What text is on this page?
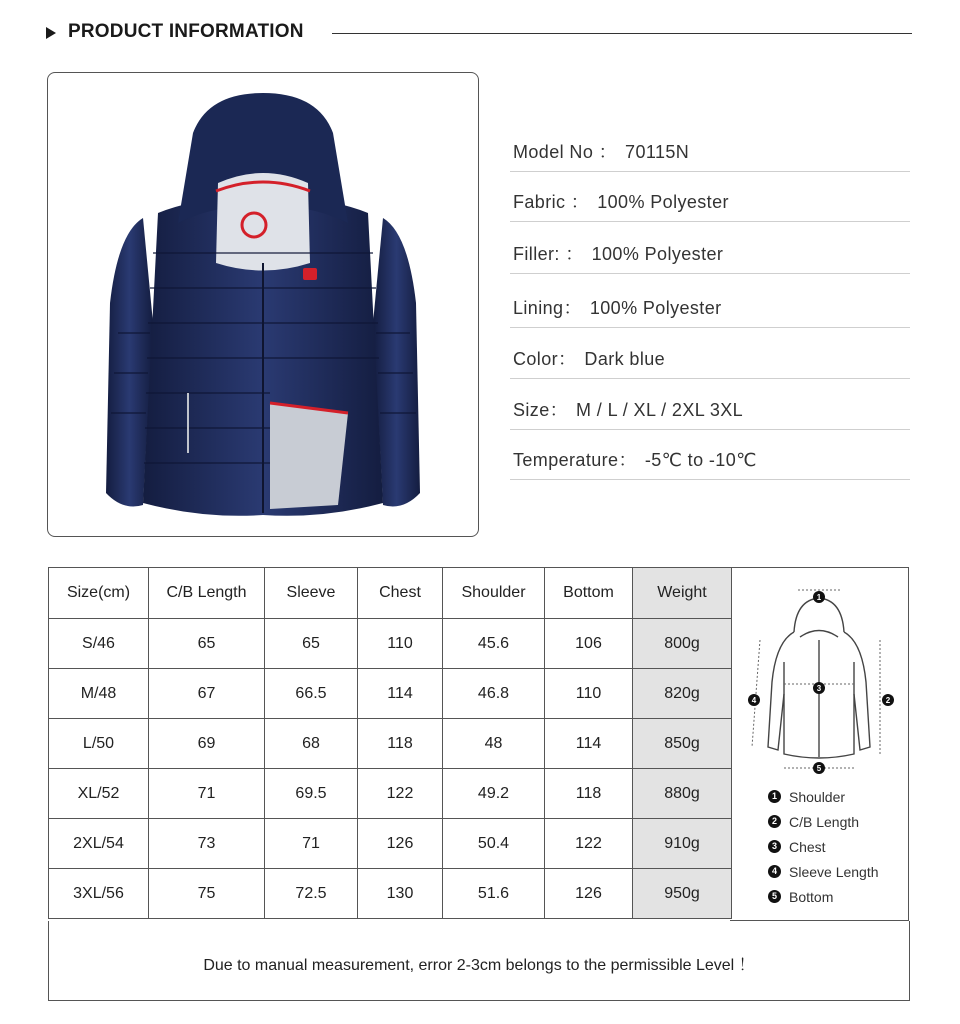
PRODUCT INFORMATION
Model No ： 70115N
Fabric ： 100% Polyester
Filler: ： 100% Polyester
Lining： 100% Polyester
Color： Dark blue
Size： M / L / XL / 2XL 3XL
Temperature： -5℃ to -10℃
Size(cm)	C/B Length	Sleeve	Chest	Shoulder	Bottom	Weight
S/46	65	65	110	45.6	106	800g
M/48	67	66.5	114	46.8	110	820g
L/50	69	68	118	48	114	850g
XL/52	71	69.5	122	49.2	118	880g
2XL/54	73	71	126	50.4	122	910g
3XL/56	75	72.5	130	51.6	126	950g
1
2
3
4
5
1 Shoulder
2 C/B Length
3 Chest
4 Sleeve Length
5 Bottom
Due to manual measurement, error 2-3cm belongs to the permissible Level ！
